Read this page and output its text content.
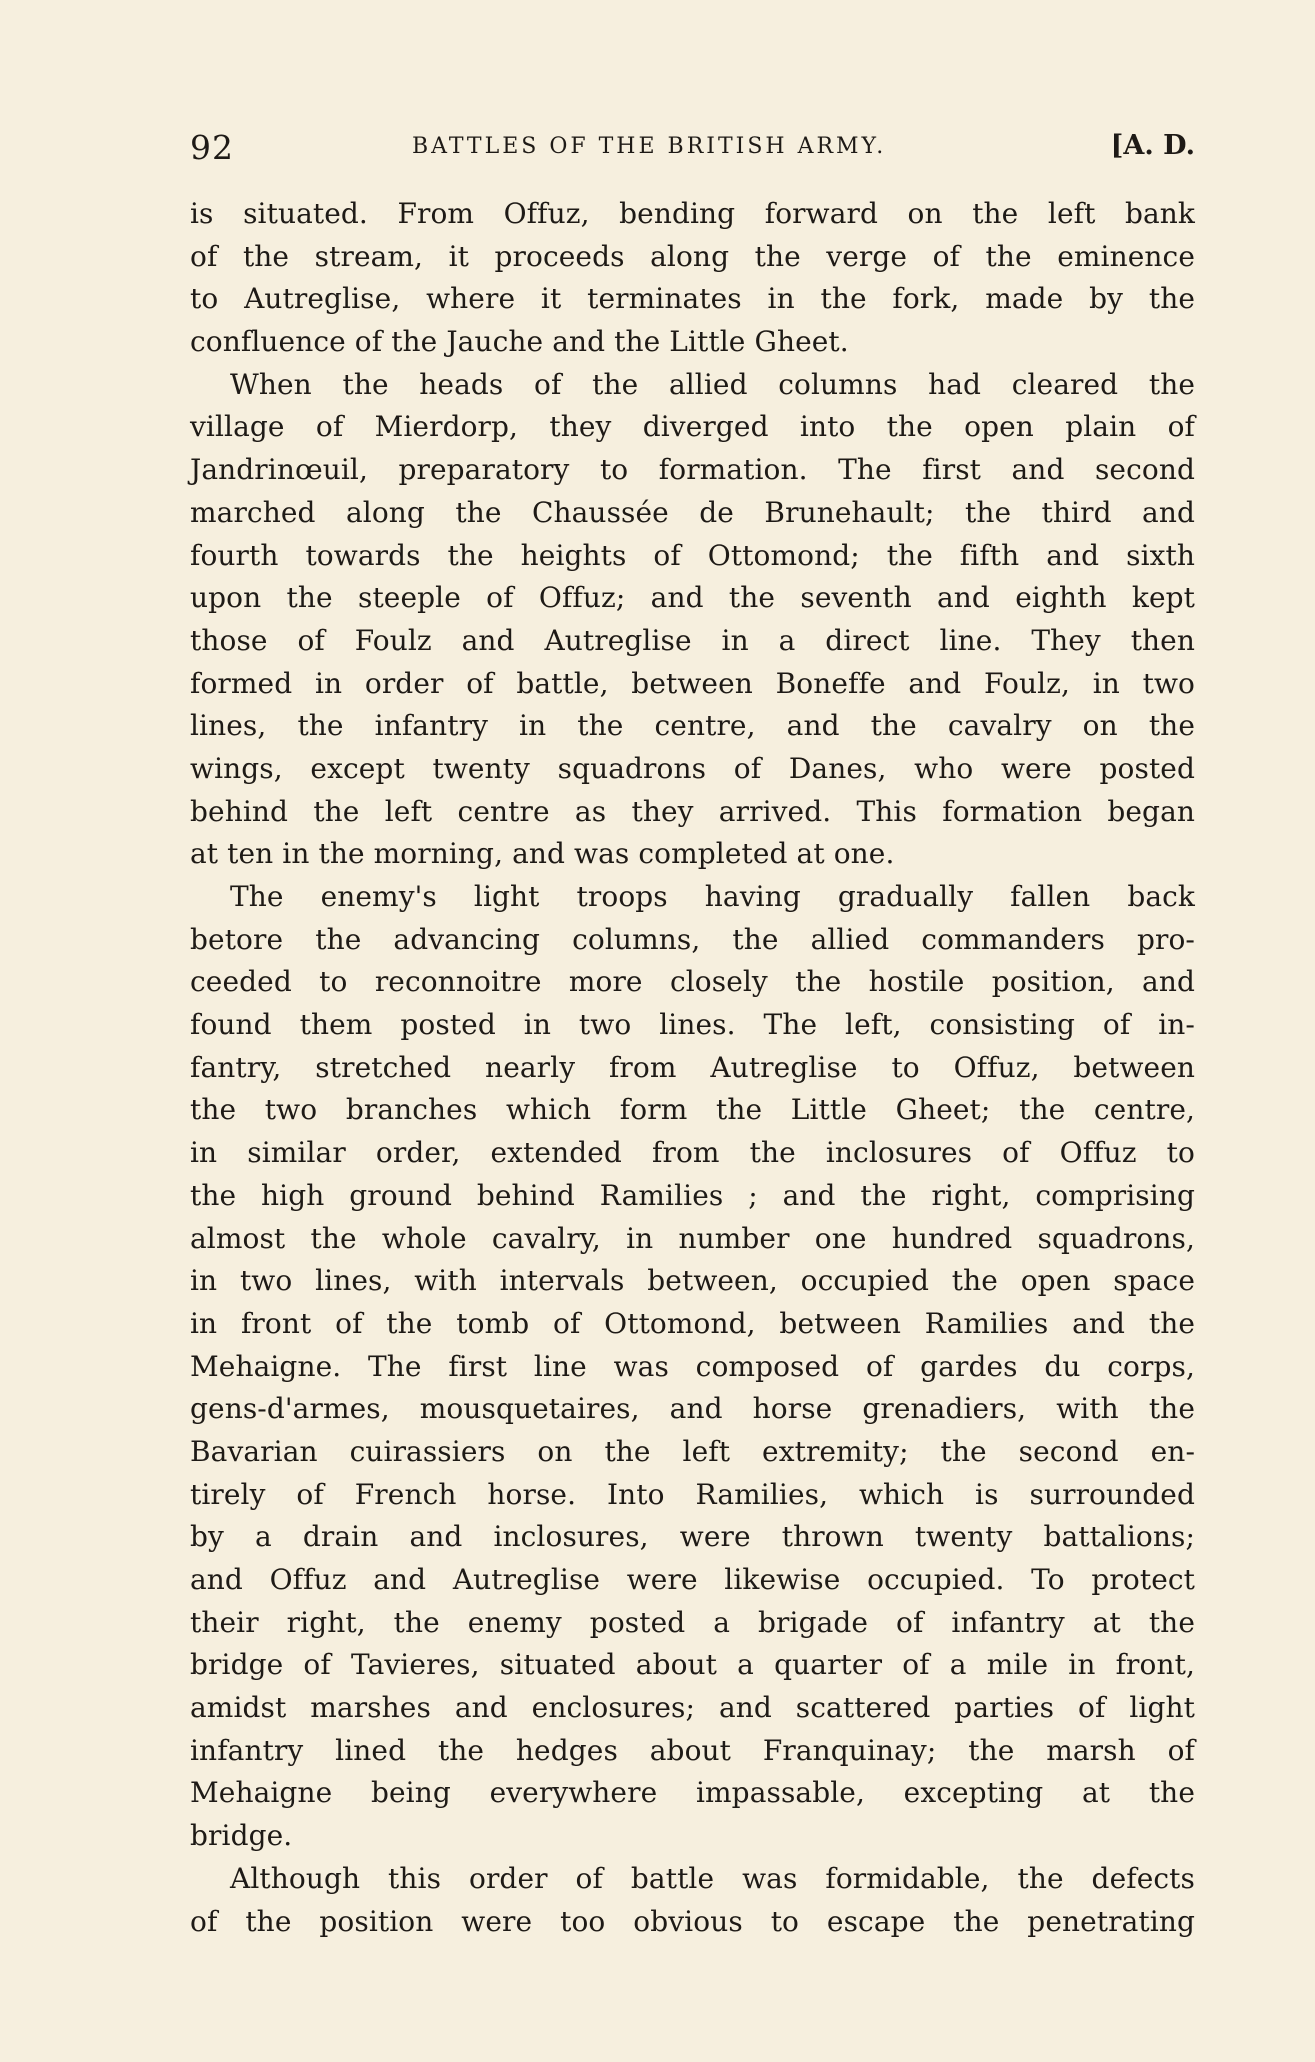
92	BATTLES OF THE BRITISH ARMY.	[A. D.
is situated. From Offuz, bending forward on the left bank
of the stream, it proceeds along the verge of the eminence
to Autreglise, where it terminates in the fork, made by the
confluence of the Jauche and the Little Gheet.
When the heads of the allied columns had cleared the
village of Mierdorp, they diverged into the open plain of
Jandrinœuil, preparatory to formation. The first and second
marched along the Chaussée de Brunehault; the third and
fourth towards the heights of Ottomond; the fifth and sixth
upon the steeple of Offuz; and the seventh and eighth kept
those of Foulz and Autreglise in a direct line. They then
formed in order of battle, between Boneffe and Foulz, in two
lines, the infantry in the centre, and the cavalry on the
wings, except twenty squadrons of Danes, who were posted
behind the left centre as they arrived. This formation began
at ten in the morning, and was completed at one.
The enemy's light troops having gradually fallen back
betore the advancing columns, the allied commanders pro-
ceeded to reconnoitre more closely the hostile position, and
found them posted in two lines. The left, consisting of in-
fantry, stretched nearly from Autreglise to Offuz, between
the two branches which form the Little Gheet; the centre,
in similar order, extended from the inclosures of Offuz to
the high ground behind Ramilies ; and the right, comprising
almost the whole cavalry, in number one hundred squadrons,
in two lines, with intervals between, occupied the open space
in front of the tomb of Ottomond, between Ramilies and the
Mehaigne. The first line was composed of gardes du corps,
gens-d'armes, mousquetaires, and horse grenadiers, with the
Bavarian cuirassiers on the left extremity; the second en-
tirely of French horse. Into Ramilies, which is surrounded
by a drain and inclosures, were thrown twenty battalions;
and Offuz and Autreglise were likewise occupied. To protect
their right, the enemy posted a brigade of infantry at the
bridge of Tavieres, situated about a quarter of a mile in front,
amidst marshes and enclosures; and scattered parties of light
infantry lined the hedges about Franquinay; the marsh of
Mehaigne being everywhere impassable, excepting at the
bridge.
Although this order of battle was formidable, the defects
of the position were too obvious to escape the penetrating
